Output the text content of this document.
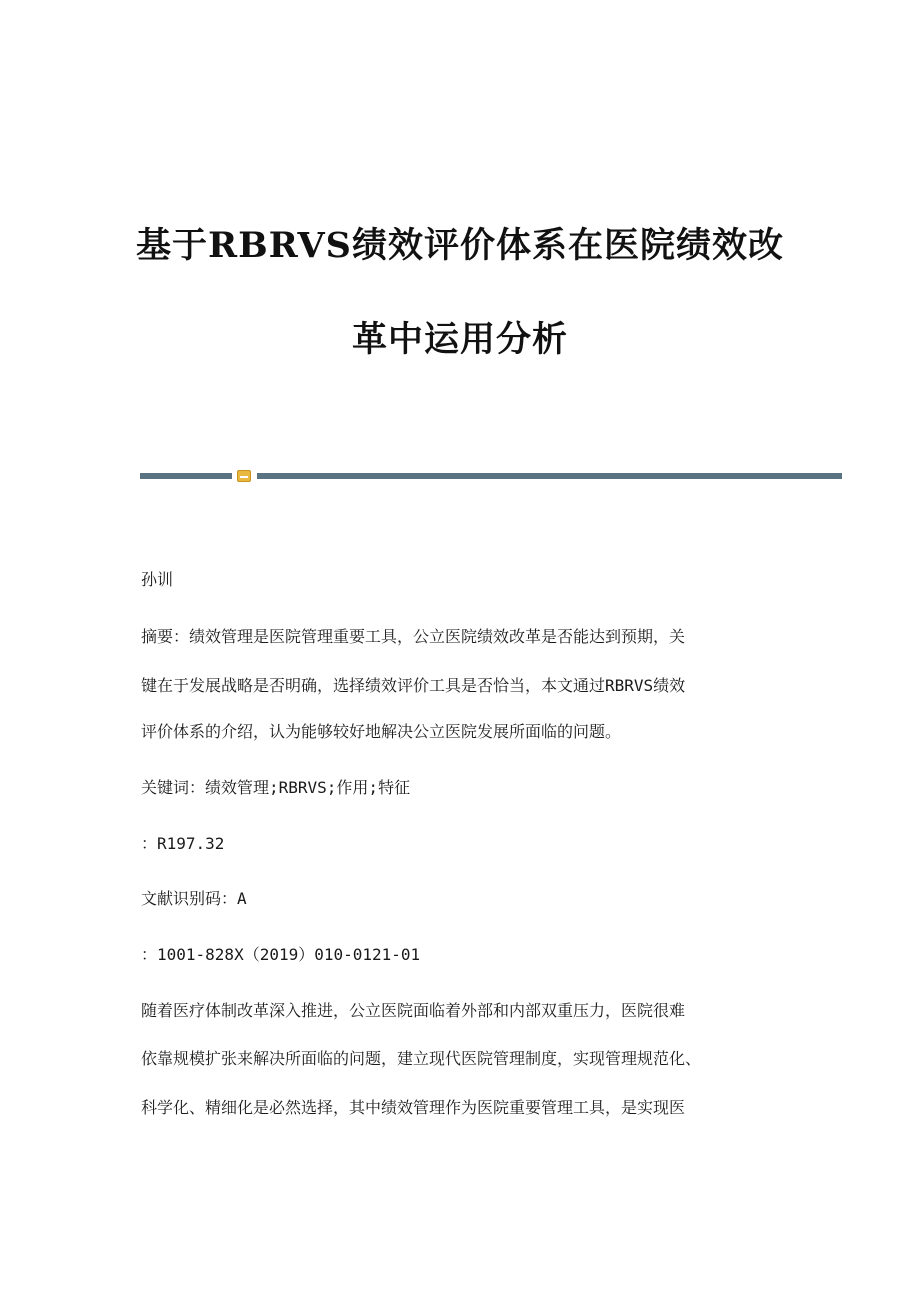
基于RBRVS绩效评价体系在医院绩效改
革中运用分析
孙训
摘要：绩效管理是医院管理重要工具，公立医院绩效改革是否能达到预期，关
键在于发展战略是否明确，选择绩效评价工具是否恰当，本文通过RBRVS绩效
评价体系的介绍，认为能够较好地解决公立医院发展所面临的问题。
关键词：绩效管理;RBRVS;作用;特征
：R197.32
文献识别码：A
：1001-828X（2019）010-0121-01
随着医疗体制改革深入推进，公立医院面临着外部和内部双重压力，医院很难
依靠规模扩张来解决所面临的问题，建立现代医院管理制度，实现管理规范化、
科学化、精细化是必然选择，其中绩效管理作为医院重要管理工具，是实现医
